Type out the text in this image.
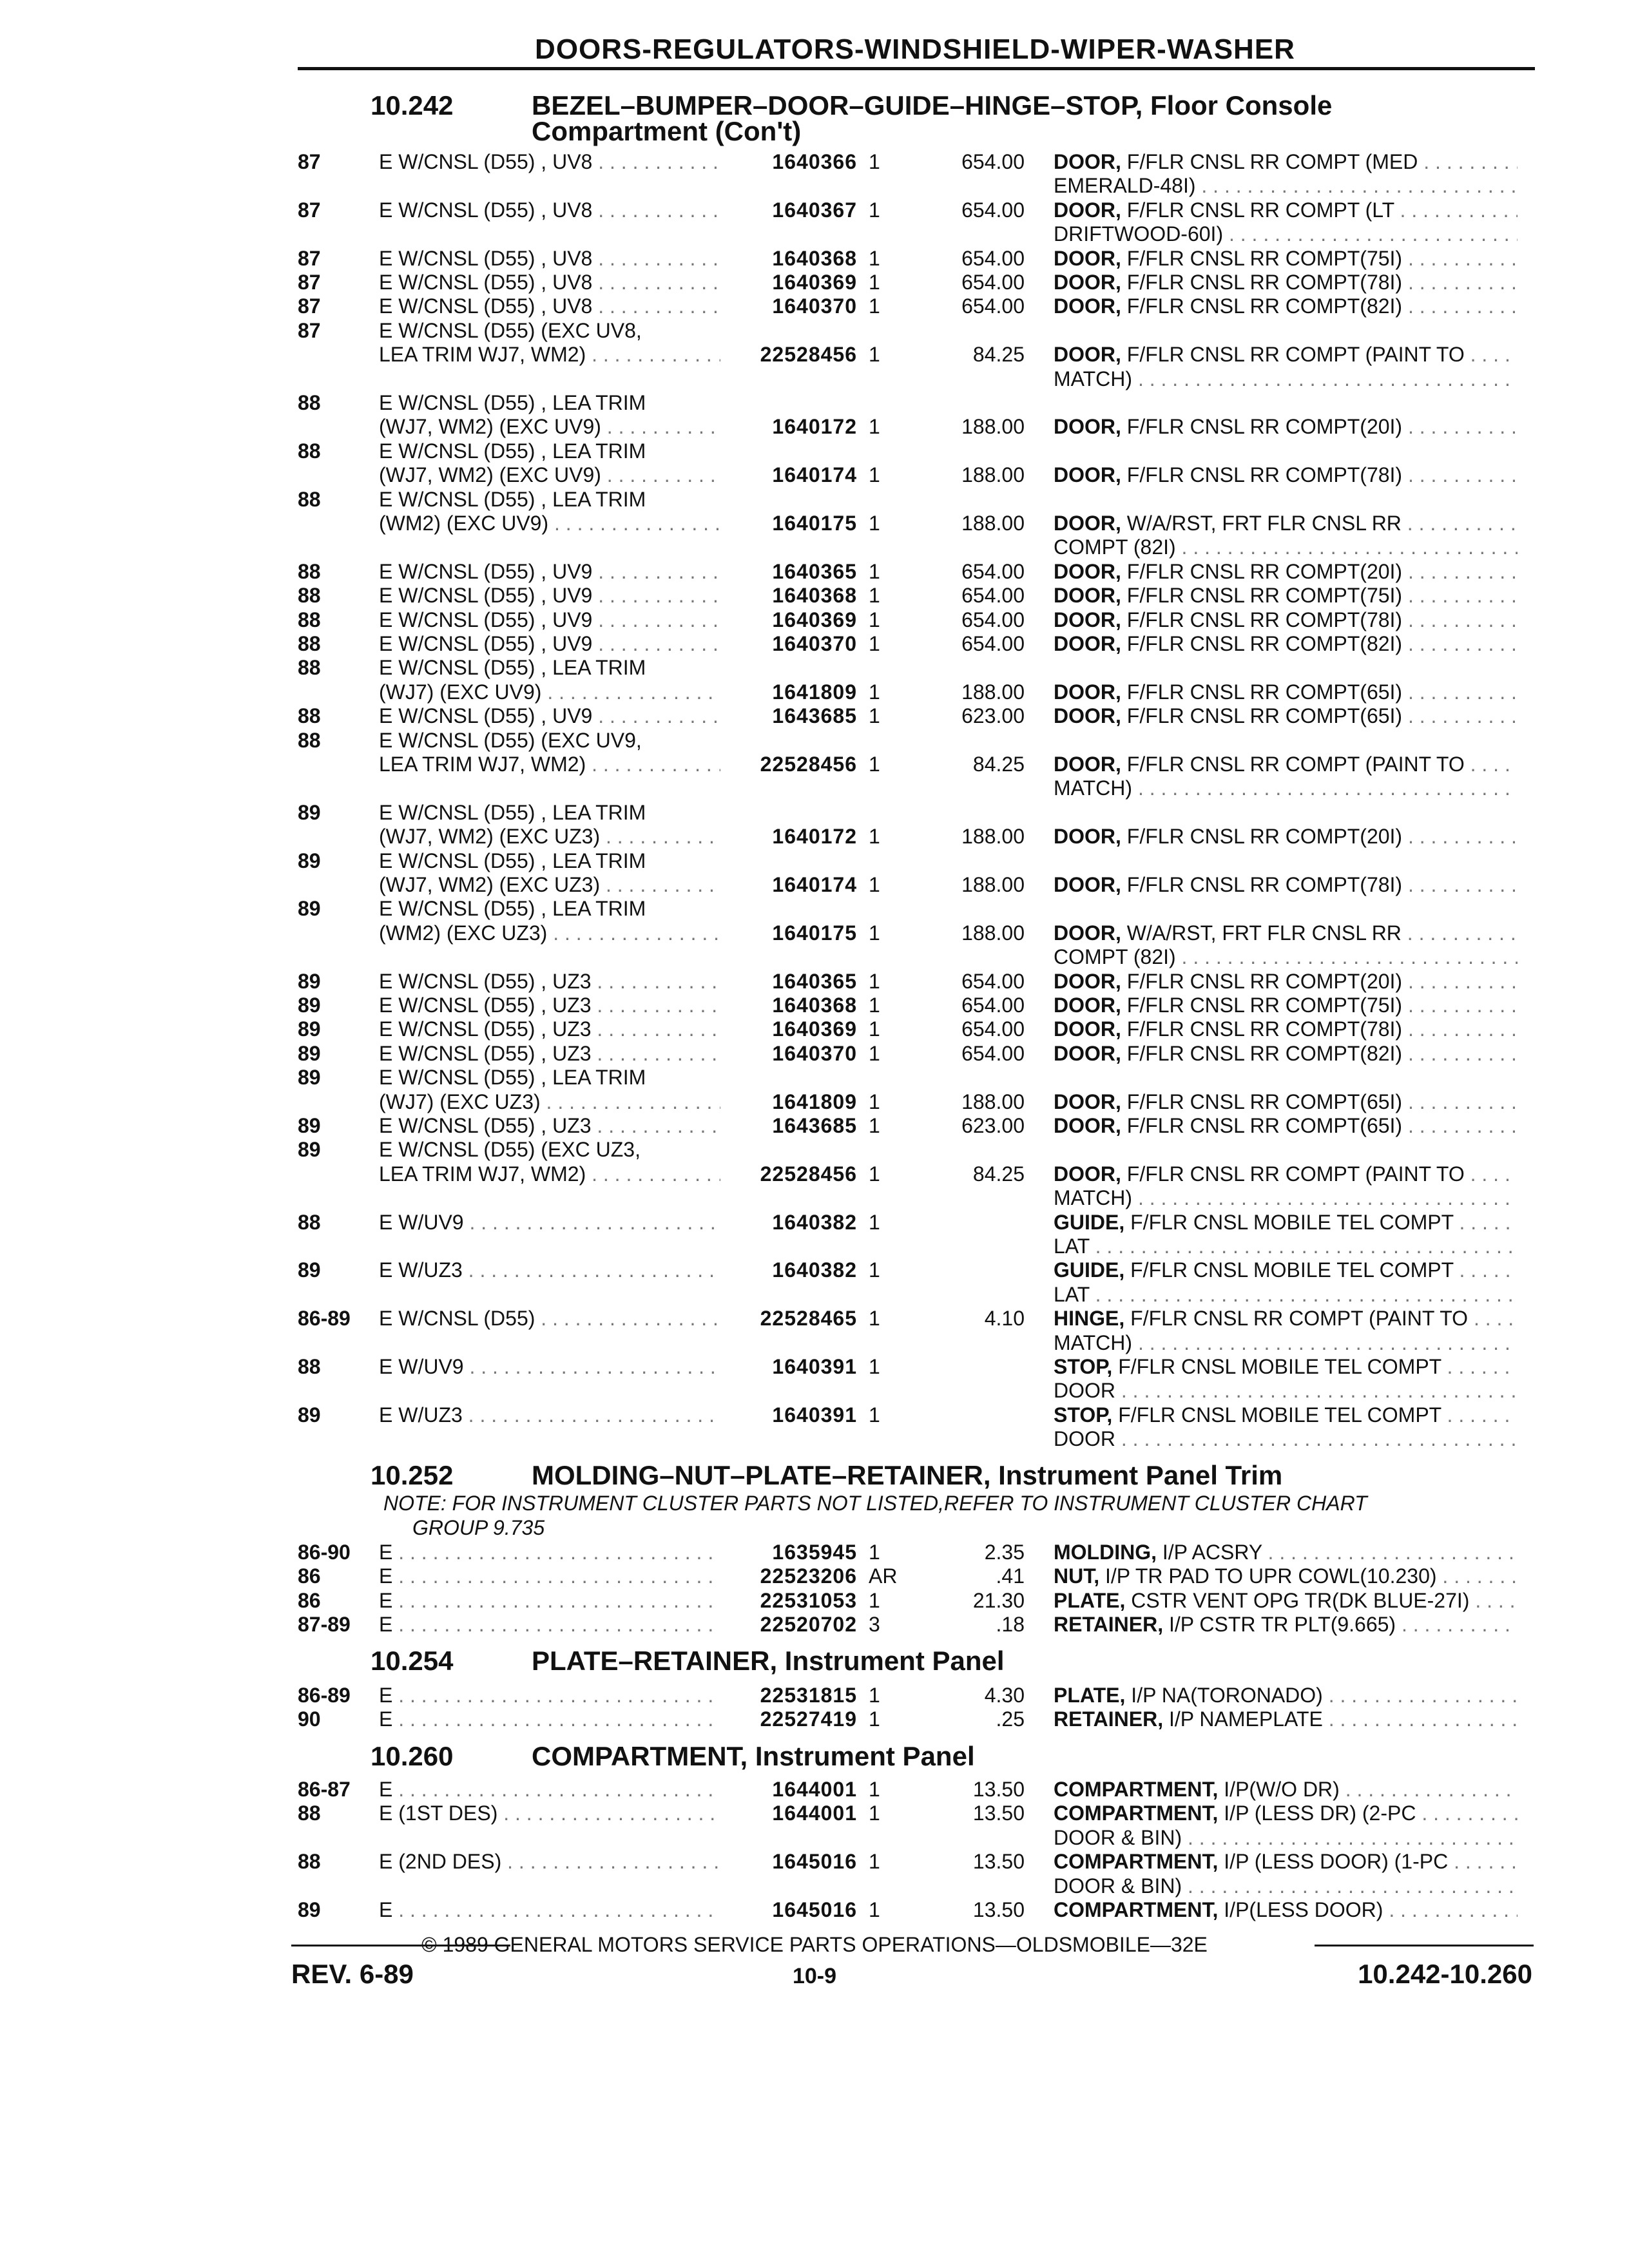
DOORS-REGULATORS-WINDSHIELD-WIPER-WASHER
10.242	BEZEL–BUMPER–DOOR–GUIDE–HINGE–STOP, Floor Console
Compartment (Con't)
87	E W/CNSL (D55) , UV8 . . .	1640366 1	654.00 DOOR, F/FLR CNSL RR COMPT (MED . . .
EMERALD-48I) . . .
87	E W/CNSL (D55) , UV8 . . .	1640367 1	654.00 DOOR, F/FLR CNSL RR COMPT (LT . . .
DRIFTWOOD-60I) . . .
87	E W/CNSL (D55) , UV8 . . .	1640368 1	654.00 DOOR, F/FLR CNSL RR COMPT(75I) . . .
87	E W/CNSL (D55) , UV8 . . .	1640369 1	654.00 DOOR, F/FLR CNSL RR COMPT(78I) . . .
87	E W/CNSL (D55) , UV8 . . .	1640370 1	654.00 DOOR, F/FLR CNSL RR COMPT(82I) . . .
87	E W/CNSL (D55) (EXC UV8,
LEA TRIM WJ7, WM2) . . .	22528456 1	84.25 DOOR, F/FLR CNSL RR COMPT (PAINT TO . . .
MATCH) . . .
88	E W/CNSL (D55) , LEA TRIM
(WJ7, WM2) (EXC UV9) . . .	1640172 1	188.00 DOOR, F/FLR CNSL RR COMPT(20I) . . .
88	E W/CNSL (D55) , LEA TRIM
(WJ7, WM2) (EXC UV9) . . .	1640174 1	188.00 DOOR, F/FLR CNSL RR COMPT(78I) . . .
88	E W/CNSL (D55) , LEA TRIM
(WM2) (EXC UV9) . . .	1640175 1	188.00 DOOR, W/A/RST, FRT FLR CNSL RR . . .
COMPT (82I) . . .
88	E W/CNSL (D55) , UV9 . . .	1640365 1	654.00 DOOR, F/FLR CNSL RR COMPT(20I) . . .
88	E W/CNSL (D55) , UV9 . . .	1640368 1	654.00 DOOR, F/FLR CNSL RR COMPT(75I) . . .
88	E W/CNSL (D55) , UV9 . . .	1640369 1	654.00 DOOR, F/FLR CNSL RR COMPT(78I) . . .
88	E W/CNSL (D55) , UV9 . . .	1640370 1	654.00 DOOR, F/FLR CNSL RR COMPT(82I) . . .
88	E W/CNSL (D55) , LEA TRIM
(WJ7) (EXC UV9) . . .	1641809 1	188.00 DOOR, F/FLR CNSL RR COMPT(65I) . . .
88	E W/CNSL (D55) , UV9 . . .	1643685 1	623.00 DOOR, F/FLR CNSL RR COMPT(65I) . . .
88	E W/CNSL (D55) (EXC UV9,
LEA TRIM WJ7, WM2) . . .	22528456 1	84.25 DOOR, F/FLR CNSL RR COMPT (PAINT TO . . .
MATCH) . . .
89	E W/CNSL (D55) , LEA TRIM
(WJ7, WM2) (EXC UZ3) . . .	1640172 1	188.00 DOOR, F/FLR CNSL RR COMPT(20I) . . .
89	E W/CNSL (D55) , LEA TRIM
(WJ7, WM2) (EXC UZ3) . . .	1640174 1	188.00 DOOR, F/FLR CNSL RR COMPT(78I) . . .
89	E W/CNSL (D55) , LEA TRIM
(WM2) (EXC UZ3) . . .	1640175 1	188.00 DOOR, W/A/RST, FRT FLR CNSL RR . . .
COMPT (82I) . . .
89	E W/CNSL (D55) , UZ3 . . .	1640365 1	654.00 DOOR, F/FLR CNSL RR COMPT(20I) . . .
89	E W/CNSL (D55) , UZ3 . . .	1640368 1	654.00 DOOR, F/FLR CNSL RR COMPT(75I) . . .
89	E W/CNSL (D55) , UZ3 . . .	1640369 1	654.00 DOOR, F/FLR CNSL RR COMPT(78I) . . .
89	E W/CNSL (D55) , UZ3 . . .	1640370 1	654.00 DOOR, F/FLR CNSL RR COMPT(82I) . . .
89	E W/CNSL (D55) , LEA TRIM
(WJ7) (EXC UZ3) . . .	1641809 1	188.00 DOOR, F/FLR CNSL RR COMPT(65I) . . .
89	E W/CNSL (D55) , UZ3 . . .	1643685 1	623.00 DOOR, F/FLR CNSL RR COMPT(65I) . . .
89	E W/CNSL (D55) (EXC UZ3,
LEA TRIM WJ7, WM2) . . .	22528456 1	84.25 DOOR, F/FLR CNSL RR COMPT (PAINT TO . . .
MATCH) . . .
88	E W/UV9 . . .	1640382 1	GUIDE, F/FLR CNSL MOBILE TEL COMPT . . .
LAT . . .
89	E W/UZ3 . . .	1640382 1	GUIDE, F/FLR CNSL MOBILE TEL COMPT . . .
LAT . . .
86-89	E W/CNSL (D55) . . .	22528465 1	4.10 HINGE, F/FLR CNSL RR COMPT (PAINT TO . . .
MATCH) . . .
88	E W/UV9 . . .	1640391 1	STOP, F/FLR CNSL MOBILE TEL COMPT . . .
DOOR . . .
89	E W/UZ3 . . .	1640391 1	STOP, F/FLR CNSL MOBILE TEL COMPT . . .
DOOR . . .
86-90	E . . .	1635945 1	2.35 MOLDING, I/P ACSRY . . .
86	E . . .	22523206 AR	.41 NUT, I/P TR PAD TO UPR COWL(10.230) . . .
86	E . . .	22531053 1	21.30 PLATE, CSTR VENT OPG TR(DK BLUE-27I) . . .
87-89	E . . .	22520702 3	.18 RETAINER, I/P CSTR TR PLT(9.665) . . .
86-89	E . . .	22531815 1	4.30 PLATE, I/P NA(TORONADO) . . .
90	E . . .	22527419 1	.25 RETAINER, I/P NAMEPLATE . . .
86-87	E . . .	1644001 1	13.50 COMPARTMENT, I/P(W/O DR) . . .
88	E (1ST DES) . . .	1644001 1	13.50 COMPARTMENT, I/P (LESS DR) (2-PC . . .
DOOR & BIN) . . .
88	E (2ND DES) . . .	1645016 1	13.50 COMPARTMENT, I/P (LESS DOOR) (1-PC . . .
DOOR & BIN) . . .
89	E . . .	1645016 1	13.50 COMPARTMENT, I/P(LESS DOOR) . . .
10.252	MOLDING–NUT–PLATE–RETAINER, Instrument Panel Trim
NOTE: FOR INSTRUMENT CLUSTER PARTS NOT LISTED,REFER TO INSTRUMENT CLUSTER CHART
GROUP 9.735
10.254	PLATE–RETAINER, Instrument Panel
10.260	COMPARTMENT, Instrument Panel
© 1989 GENERAL MOTORS SERVICE PARTS OPERATIONS—OLDSMOBILE—32E
REV. 6-89	10-9	10.242-10.260
